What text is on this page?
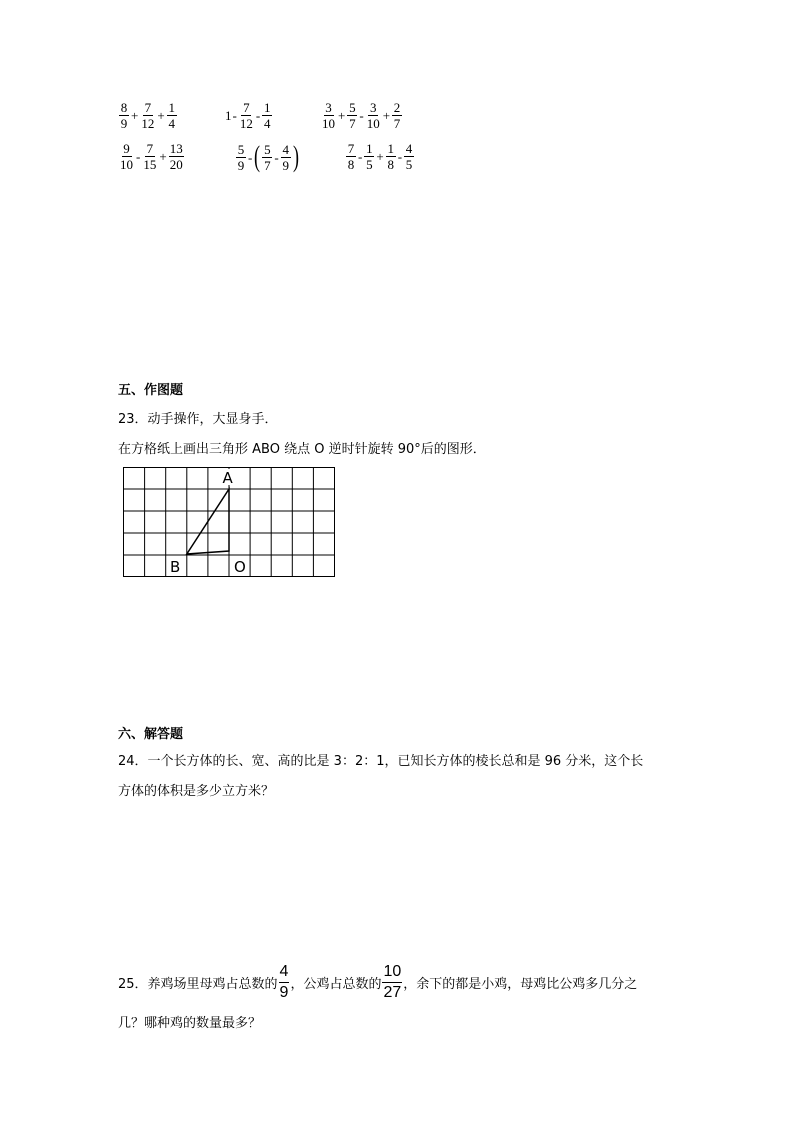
$\frac{8}{9} + \frac{7}{12} + \frac{1}{4}$	$1 - \frac{7}{12} - \frac{1}{4}$	$\frac{3}{10} + \frac{5}{7} - \frac{3}{10} + \frac{2}{7}$
$\frac{9}{10} - \frac{7}{15} + \frac{13}{20}$	$\frac{5}{9}$ - ( $\frac{5}{7} - \frac{4}{9}$ )	$\frac{7}{8} - \frac{1}{5} + \frac{1}{8} - \frac{4}{5}$
五、作图题
23．动手操作，大显身手．
在方格纸上画出三角形 ABO 绕点 O 逆时针旋转 90°后的图形．
A
B	O
六、解答题
24．一个长方体的长、宽、高的比是 3：2：1，已知长方体的棱长总和是 96 分米，这个长
方体的体积是多少立方米？
25．养鸡场里母鸡占总数的 $\frac{4}{9}$ ，公鸡占总数的 $\frac{10}{27}$ ，余下的都是小鸡，母鸡比公鸡多几分之
几？哪种鸡的数量最多？
